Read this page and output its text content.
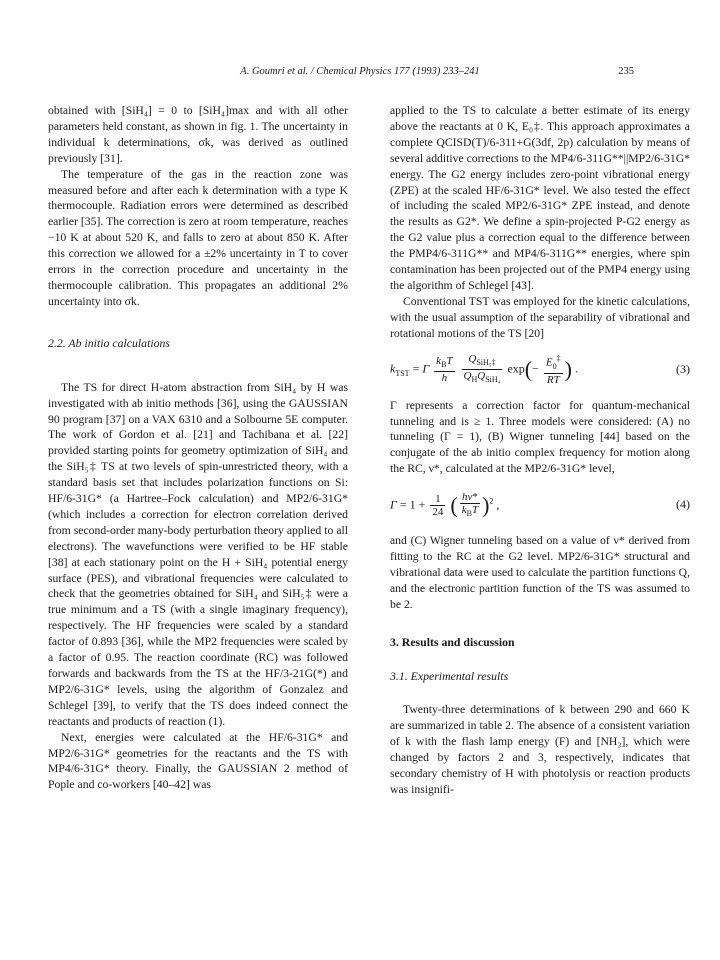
A. Goumri et al. / Chemical Physics 177 (1993) 233–241	235

obtained with [SiH₄] = 0 to [SiH₄]max and with all other parameters held constant, as shown in fig. 1. The uncertainty in individual k determinations, σk, was derived as outlined previously [31].

The temperature of the gas in the reaction zone was measured before and after each k determination with a type K thermocouple. Radiation errors were determined as described earlier [35]. The correction is zero at room temperature, reaches −10 K at about 520 K, and falls to zero at about 850 K. After this correction we allowed for a ±2% uncertainty in T to cover errors in the correction procedure and uncertainty in the thermocouple calibration. This propagates an additional 2% uncertainty into σk.

2.2. Ab initio calculations

The TS for direct H-atom abstraction from SiH₄ by H was investigated with ab initio methods [36], using the GAUSSIAN 90 program [37] on a VAX 6310 and a Solbourne 5E computer. The work of Gordon et al. [21] and Tachibana et al. [22] provided starting points for geometry optimization of SiH₄ and the SiH₅‡ TS at two levels of spin-unrestricted theory, with a standard basis set that includes polarization functions on Si: HF/6-31G* (a Hartree–Fock calculation) and MP2/6-31G* (which includes a correction for electron correlation derived from second-order many-body perturbation theory applied to all electrons). The wavefunctions were verified to be HF stable [38] at each stationary point on the H + SiH₄ potential energy surface (PES), and vibrational frequencies were calculated to check that the geometries obtained for SiH₄ and SiH₅‡ were a true minimum and a TS (with a single imaginary frequency), respectively. The HF frequencies were scaled by a standard factor of 0.893 [36], while the MP2 frequencies were scaled by a factor of 0.95. The reaction coordinate (RC) was followed forwards and backwards from the TS at the HF/3-21G(*) and MP2/6-31G* levels, using the algorithm of Gonzalez and Schlegel [39], to verify that the TS does indeed connect the reactants and products of reaction (1).

Next, energies were calculated at the HF/6-31G* and MP2/6-31G* geometries for the reactants and the TS with MP4/6-31G* theory. Finally, the GAUSSIAN 2 method of Pople and co-workers [40–42] was

applied to the TS to calculate a better estimate of its energy above the reactants at 0 K, E₀‡. This approach approximates a complete QCISD(T)/6-311+G(3df, 2p) calculation by means of several additive corrections to the MP4/6-311G**||MP2/6-31G* energy. The G2 energy includes zero-point vibrational energy (ZPE) at the scaled HF/6-31G* level. We also tested the effect of including the scaled MP2/6-31G* ZPE instead, and denote the results as G2*. We define a spin-projected P-G2 energy as the G2 value plus a correction equal to the difference between the PMP4/6-311G** and MP4/6-311G** energies, where spin contamination has been projected out of the PMP4 energy using the algorithm of Schlegel [43].

Conventional TST was employed for the kinetic calculations, with the usual assumption of the separability of vibrational and rotational motions of the TS [20]

$k_{TST} = \Gamma \frac{k_BT}{h}$
$\frac{Q_{SiH_5\ddagger}}{Q_HQ_{SiH_4}} \exp(- \frac{E_0^\ddagger}{RT}$ ) .	(3)

Γ represents a correction factor for quantum-mechanical tunneling and is ≥ 1. Three models were considered: (A) no tunneling (Γ = 1), (B) Wigner tunneling [44] based on the conjugate of the ab initio complex frequency for motion along the RC, ν*, calculated at the MP2/6-31G* level,

$\Gamma = 1 + \frac{1}{24}$ ( $\frac{h\nu*}{k_BT} )^2$ ,	(4)

and (C) Wigner tunneling based on a value of ν* derived from fitting to the RC at the G2 level. MP2/6-31G* structural and vibrational data were used to calculate the partition functions Q, and the electronic partition function of the TS was assumed to be 2.

3. Results and discussion
3.1. Experimental results

Twenty-three determinations of k between 290 and 660 K are summarized in table 2. The absence of a consistent variation of k with the flash lamp energy (F) and [NH₃], which were changed by factors 2 and 3, respectively, indicates that secondary chemistry of H with photolysis or reaction products was insignifi-
